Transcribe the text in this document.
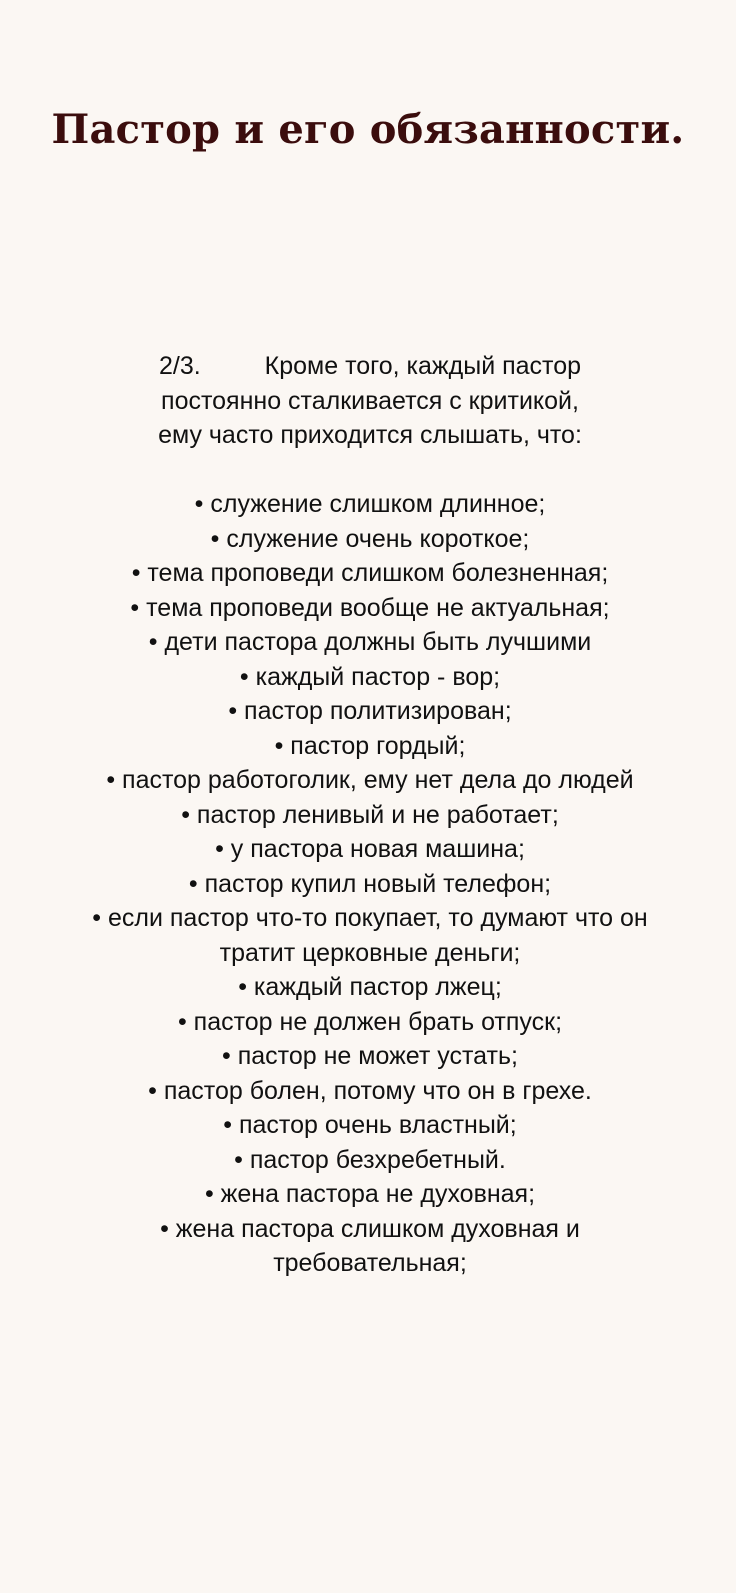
Пастор и его обязанности.

2/3.	Кроме того, каждый пастор

постоянно сталкивается с критикой,

ему часто приходится слышать, что:

• служение слишком длинное;
• служение очень короткое;
• тема проповеди слишком болезненная;
• тема проповеди вообще не актуальная;
• дети пастора должны быть лучшими
• каждый пастор - вор;
• пастор политизирован;
• пастор гордый;
• пастор работоголик, ему нет дела до людей
• пастор ленивый и не работает;
• у пастора новая машина;
• пастор купил новый телефон;
• если пастор что-то покупает, то думают что он тратит церковные деньги;
• каждый пастор лжец;
• пастор не должен брать отпуск;
• пастор не может устать;
• пастор болен, потому что он в грехе.
• пастор очень властный;
• пастор безхребетный.
• жена пастора не духовная;
• жена пастора слишком духовная и требовательная;
